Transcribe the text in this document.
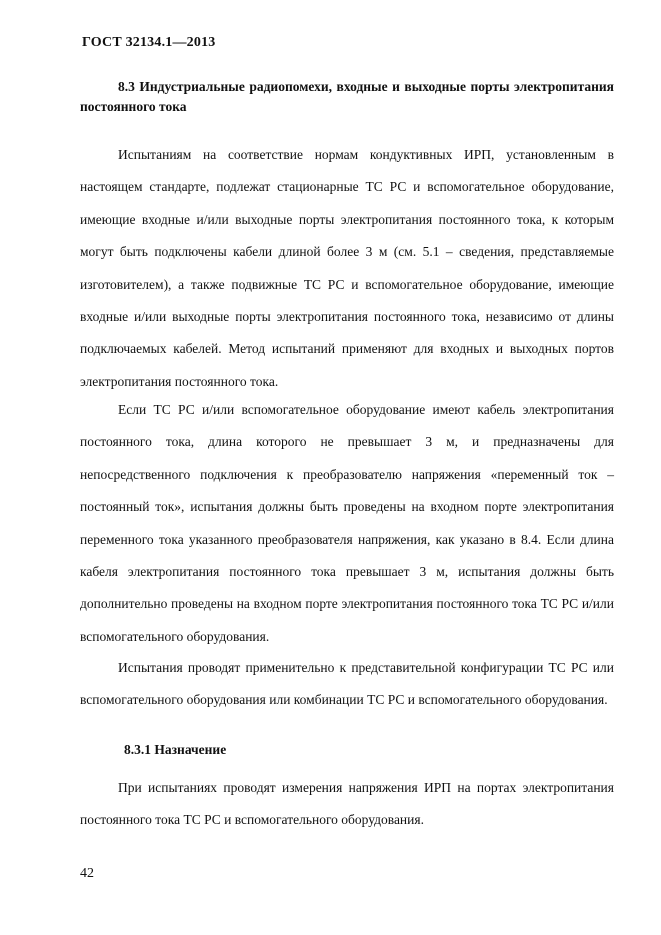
ГОСТ 32134.1—2013
8.3 Индустриальные радиопомехи, входные и выходные порты электропитания постоянного тока

Испытаниям на соответствие нормам кондуктивных ИРП, установленным в настоящем стандарте, подлежат стационарные ТС РС и вспомогательное оборудование, имеющие входные и/или выходные порты электропитания постоянного тока, к которым могут быть подключены кабели длиной более 3 м (см. 5.1 – сведения, представляемые изготовителем), а также подвижные ТС РС и вспомогательное оборудование, имеющие входные и/или выходные порты электропитания постоянного тока, независимо от длины подключаемых кабелей. Метод испытаний применяют для входных и выходных портов электропитания постоянного тока.

Если ТС РС и/или вспомогательное оборудование имеют кабель электропитания постоянного тока, длина которого не превышает 3 м, и предназначены для непосредственного подключения к преобразователю напряжения «переменный ток – постоянный ток», испытания должны быть проведены на входном порте электропитания переменного тока указанного преобразователя напряжения, как указано в 8.4. Если длина кабеля электропитания постоянного тока превышает 3 м, испытания должны быть дополнительно проведены на входном порте электропитания постоянного тока ТС РС и/или вспомогательного оборудования.

Испытания проводят применительно к представительной конфигурации ТС РС или вспомогательного оборудования или комбинации ТС РС и вспомогательного оборудования.

8.3.1 Назначение

При испытаниях проводят измерения напряжения ИРП на портах электропитания постоянного тока ТС РС и вспомогательного оборудования.

42
